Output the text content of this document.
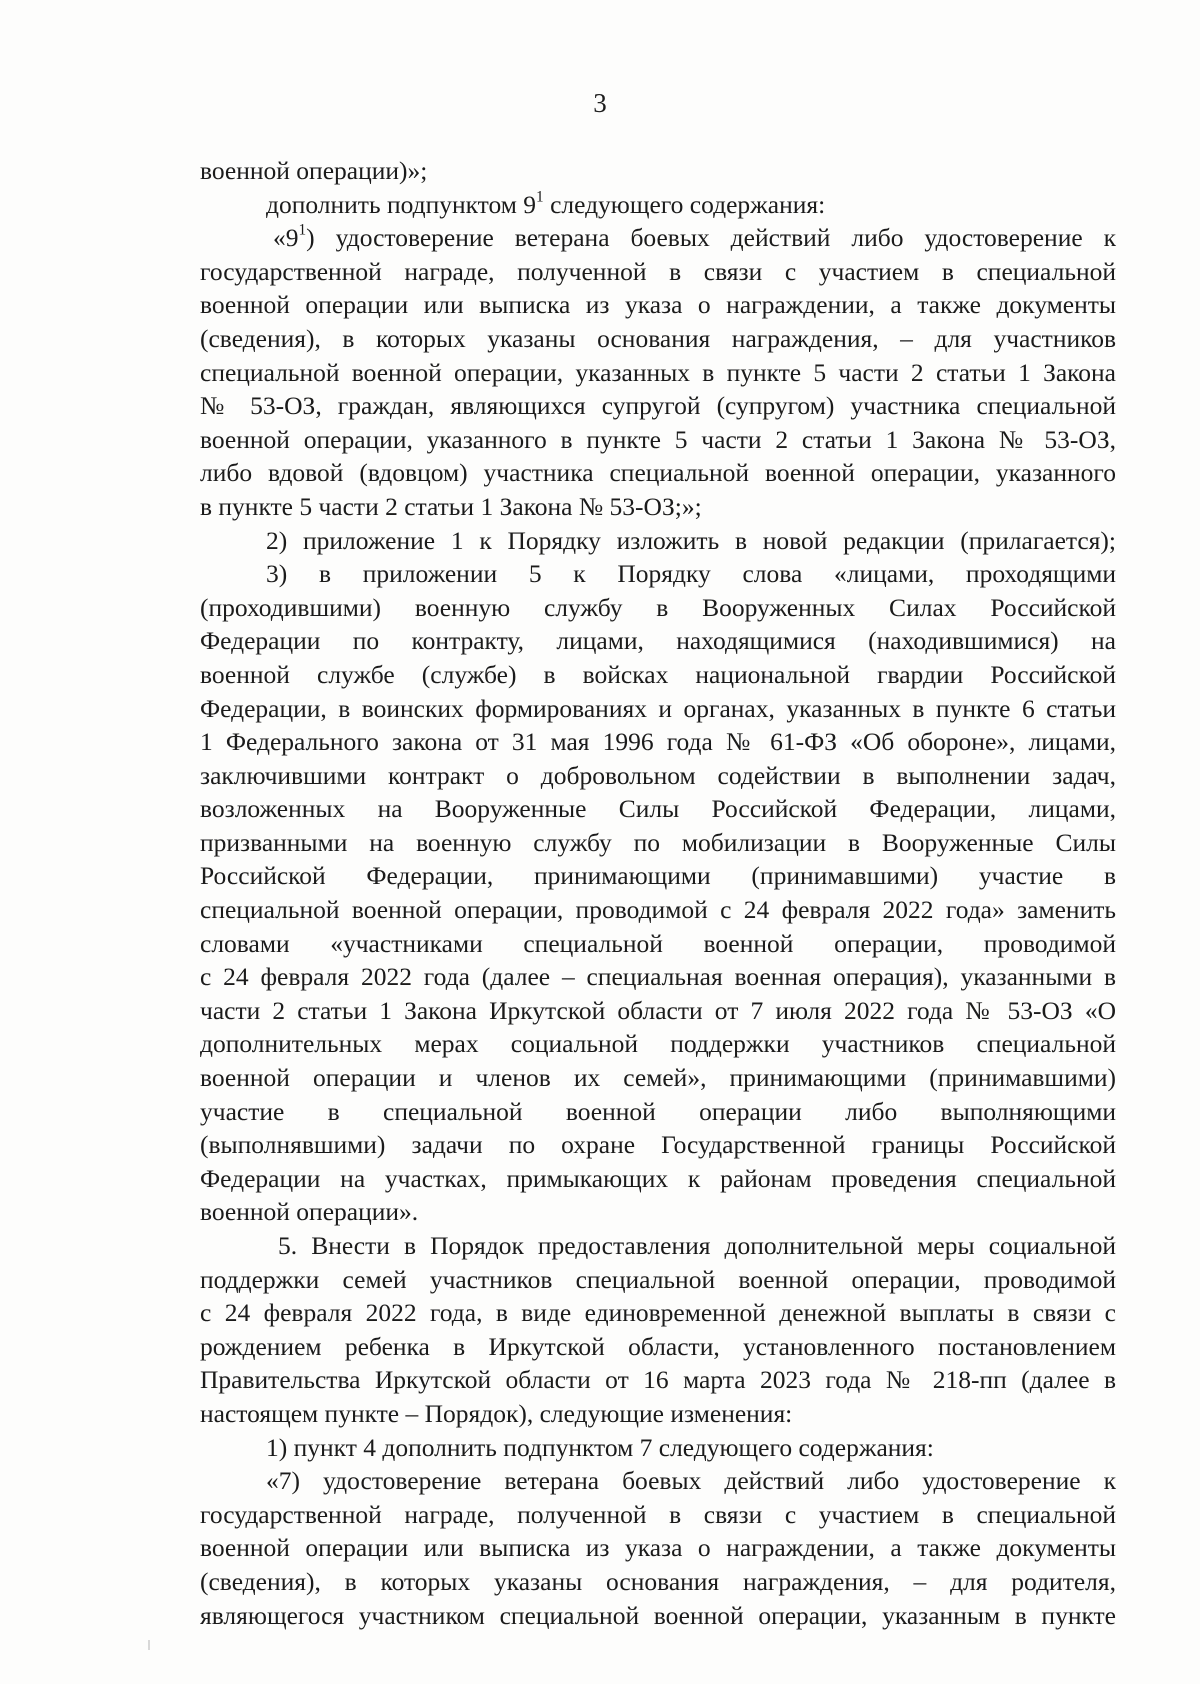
3
военной операции)»;
дополнить подпунктом $9^1$ следующего содержания:
«$9^1$) удостоверение ветерана боевых действий либо удостоверение к
государственной награде, полученной в связи с участием в специальной
военной операции или выписка из указа о награждении, а также документы
(сведения), в которых указаны основания награждения, – для участников
специальной военной операции, указанных в пункте 5 части 2 статьи 1 Закона
№ 53-ОЗ, граждан, являющихся супругой (супругом) участника специальной
военной операции, указанного в пункте 5 части 2 статьи 1 Закона № 53-ОЗ,
либо вдовой (вдовцом) участника специальной военной операции, указанного
в пункте 5 части 2 статьи 1 Закона № 53-ОЗ;»;
2) приложение 1 к Порядку изложить в новой редакции (прилагается);
3) в приложении 5 к Порядку слова «лицами, проходящими
(проходившими) военную службу в Вооруженных Силах Российской
Федерации по контракту, лицами, находящимися (находившимися) на
военной службе (службе) в войсках национальной гвардии Российской
Федерации, в воинских формированиях и органах, указанных в пункте 6 статьи
1 Федерального закона от 31 мая 1996 года № 61-ФЗ «Об обороне», лицами,
заключившими контракт о добровольном содействии в выполнении задач,
возложенных на Вооруженные Силы Российской Федерации, лицами,
призванными на военную службу по мобилизации в Вооруженные Силы
Российской Федерации, принимающими (принимавшими) участие в
специальной военной операции, проводимой с 24 февраля 2022 года» заменить
словами «участниками специальной военной операции, проводимой
с 24 февраля 2022 года (далее – специальная военная операция), указанными в
части 2 статьи 1 Закона Иркутской области от 7 июля 2022 года № 53-ОЗ «О
дополнительных мерах социальной поддержки участников специальной
военной операции и членов их семей», принимающими (принимавшими)
участие в специальной военной операции либо выполняющими
(выполнявшими) задачи по охране Государственной границы Российской
Федерации на участках, примыкающих к районам проведения специальной
военной операции».
5. Внести в Порядок предоставления дополнительной меры социальной
поддержки семей участников специальной военной операции, проводимой
с 24 февраля 2022 года, в виде единовременной денежной выплаты в связи с
рождением ребенка в Иркутской области, установленного постановлением
Правительства Иркутской области от 16 марта 2023 года № 218-пп (далее в
настоящем пункте – Порядок), следующие изменения:
1) пункт 4 дополнить подпунктом 7 следующего содержания:
«7) удостоверение ветерана боевых действий либо удостоверение к
государственной награде, полученной в связи с участием в специальной
военной операции или выписка из указа о награждении, а также документы
(сведения), в которых указаны основания награждения, – для родителя,
являющегося участником специальной военной операции, указанным в пункте
